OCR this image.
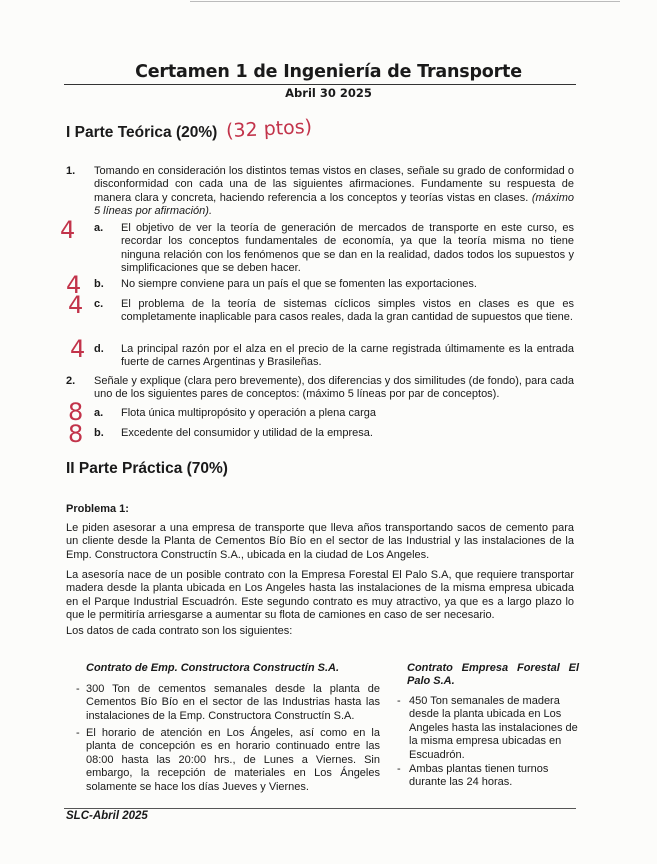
Certamen 1 de Ingeniería de Transporte
Abril 30 2025
I Parte Teórica (20%) (32 ptos)
1. Tomando en consideración los distintos temas vistos en clases, señale su grado de conformidad o disconformidad con cada una de las siguientes afirmaciones. Fundamente su respuesta de manera clara y concreta, haciendo referencia a los conceptos y teorías vistas en clases. (máximo 5 líneas por afirmación).
4 a. El objetivo de ver la teoría de generación de mercados de transporte en este curso, es recordar los conceptos fundamentales de economía, ya que la teoría misma no tiene ninguna relación con los fenómenos que se dan en la realidad, dados todos los supuestos y simplificaciones que se deben hacer.
4 b. No siempre conviene para un país el que se fomenten las exportaciones.
4 c. El problema de la teoría de sistemas cíclicos simples vistos en clases es que es completamente inaplicable para casos reales, dada la gran cantidad de supuestos que tiene.
4 d. La principal razón por el alza en el precio de la carne registrada últimamente es la entrada fuerte de carnes Argentinas y Brasileñas.
2. Señale y explique (clara pero brevemente), dos diferencias y dos similitudes (de fondo), para cada uno de los siguientes pares de conceptos: (máximo 5 líneas por par de conceptos).
8 a. Flota única multipropósito y operación a plena carga
8 b. Excedente del consumidor y utilidad de la empresa.
II Parte Práctica (70%)
Problema 1:
Le piden asesorar a una empresa de transporte que lleva años transportando sacos de cemento para un cliente desde la Planta de Cementos Bío Bío en el sector de las Industrial y las instalaciones de la Emp. Constructora Constructín S.A., ubicada en la ciudad de Los Angeles.
La asesoría nace de un posible contrato con la Empresa Forestal El Palo S.A, que requiere transportar madera desde la planta ubicada en Los Angeles hasta las instalaciones de la misma empresa ubicada en el Parque Industrial Escuadrón. Este segundo contrato es muy atractivo, ya que es a largo plazo lo que le permitiría arriesgarse a aumentar su flota de camiones en caso de ser necesario.
Los datos de cada contrato son los siguientes:
Contrato de Emp. Constructora Constructín S.A.
- 300 Ton de cementos semanales desde la planta de Cementos Bío Bío en el sector de las Industrias hasta las instalaciones de la Emp. Constructora Constructín S.A.
- El horario de atención en Los Ángeles, así como en la planta de concepción es en horario continuado entre las 08:00 hasta las 20:00 hrs., de Lunes a Viernes. Sin embargo, la recepción de materiales en Los Ángeles solamente se hace los días Jueves y Viernes.
Contrato Empresa Forestal El Palo S.A.
- 450 Ton semanales de madera desde la planta ubicada en Los Angeles hasta las instalaciones de la misma empresa ubicadas en Escuadrón.
- Ambas plantas tienen turnos durante las 24 horas.
SLC-Abril 2025
